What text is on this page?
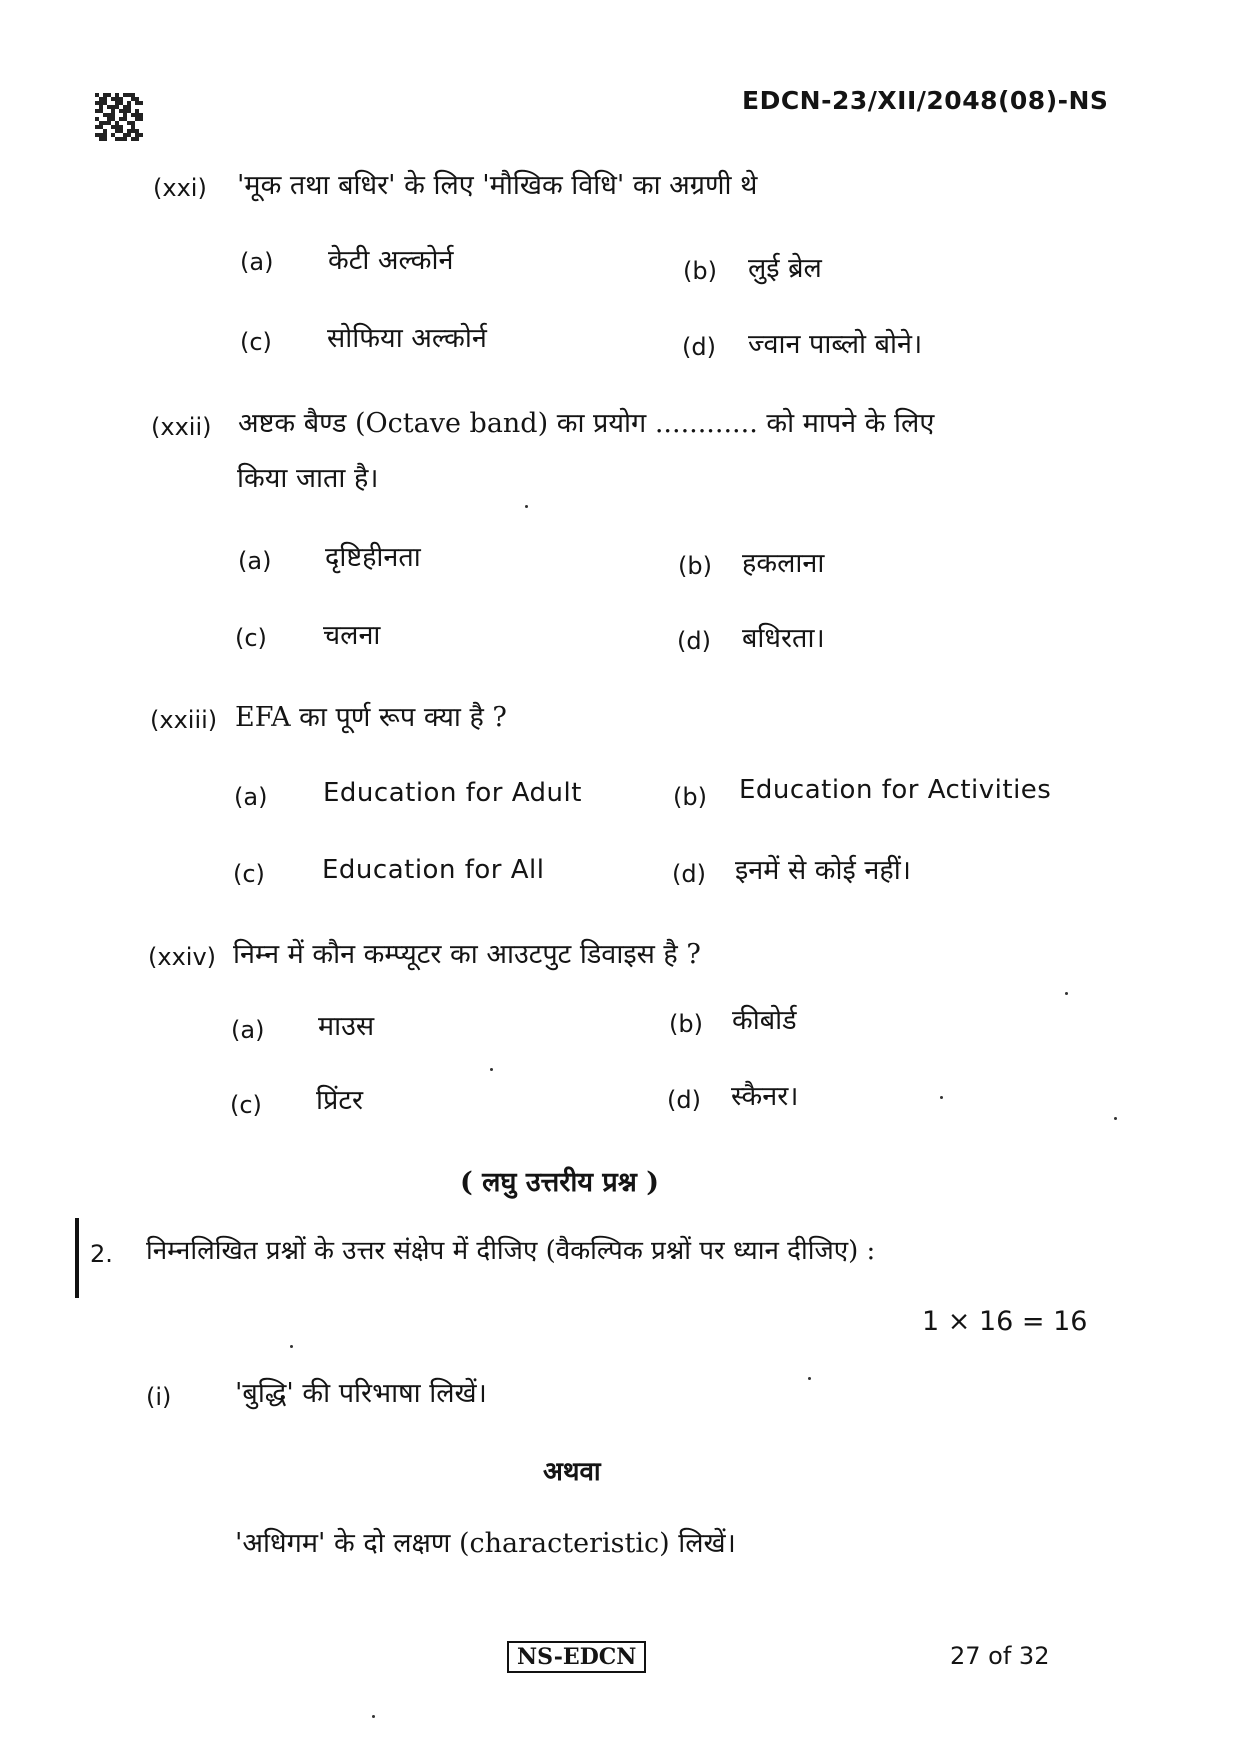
EDCN-23/XII/2048(08)-NS
(xxi) 'मूक तथा बधिर' के लिए 'मौखिक विधि' का अग्रणी थे
(a) केटी अल्कोर्न	(b) लुई ब्रेल
(c) सोफिया अल्कोर्न	(d) ज्वान पाब्लो बोने।
(xxii) अष्टक बैण्ड (Octave band) का प्रयोग ............ को मापने के लिए
किया जाता है।
(a) दृष्टिहीनता	(b) हकलाना
(c) चलना	(d) बधिरता।
(xxiii) EFA का पूर्ण रूप क्या है ?
(a) Education for Adult	(b) Education for Activities
(c) Education for All	(d) इनमें से कोई नहीं।
(xxiv) निम्न में कौन कम्प्यूटर का आउटपुट डिवाइस है ?
(a) माउस	(b) कीबोर्ड
(c) प्रिंटर	(d) स्कैनर।
( लघु उत्तरीय प्रश्न )
2. निम्नलिखित प्रश्नों के उत्तर संक्षेप में दीजिए (वैकल्पिक प्रश्नों पर ध्यान दीजिए) :
1 × 16 = 16
(i) 'बुद्धि' की परिभाषा लिखें।
अथवा
'अधिगम' के दो लक्षण (characteristic) लिखें।
NS-EDCN	27 of 32
